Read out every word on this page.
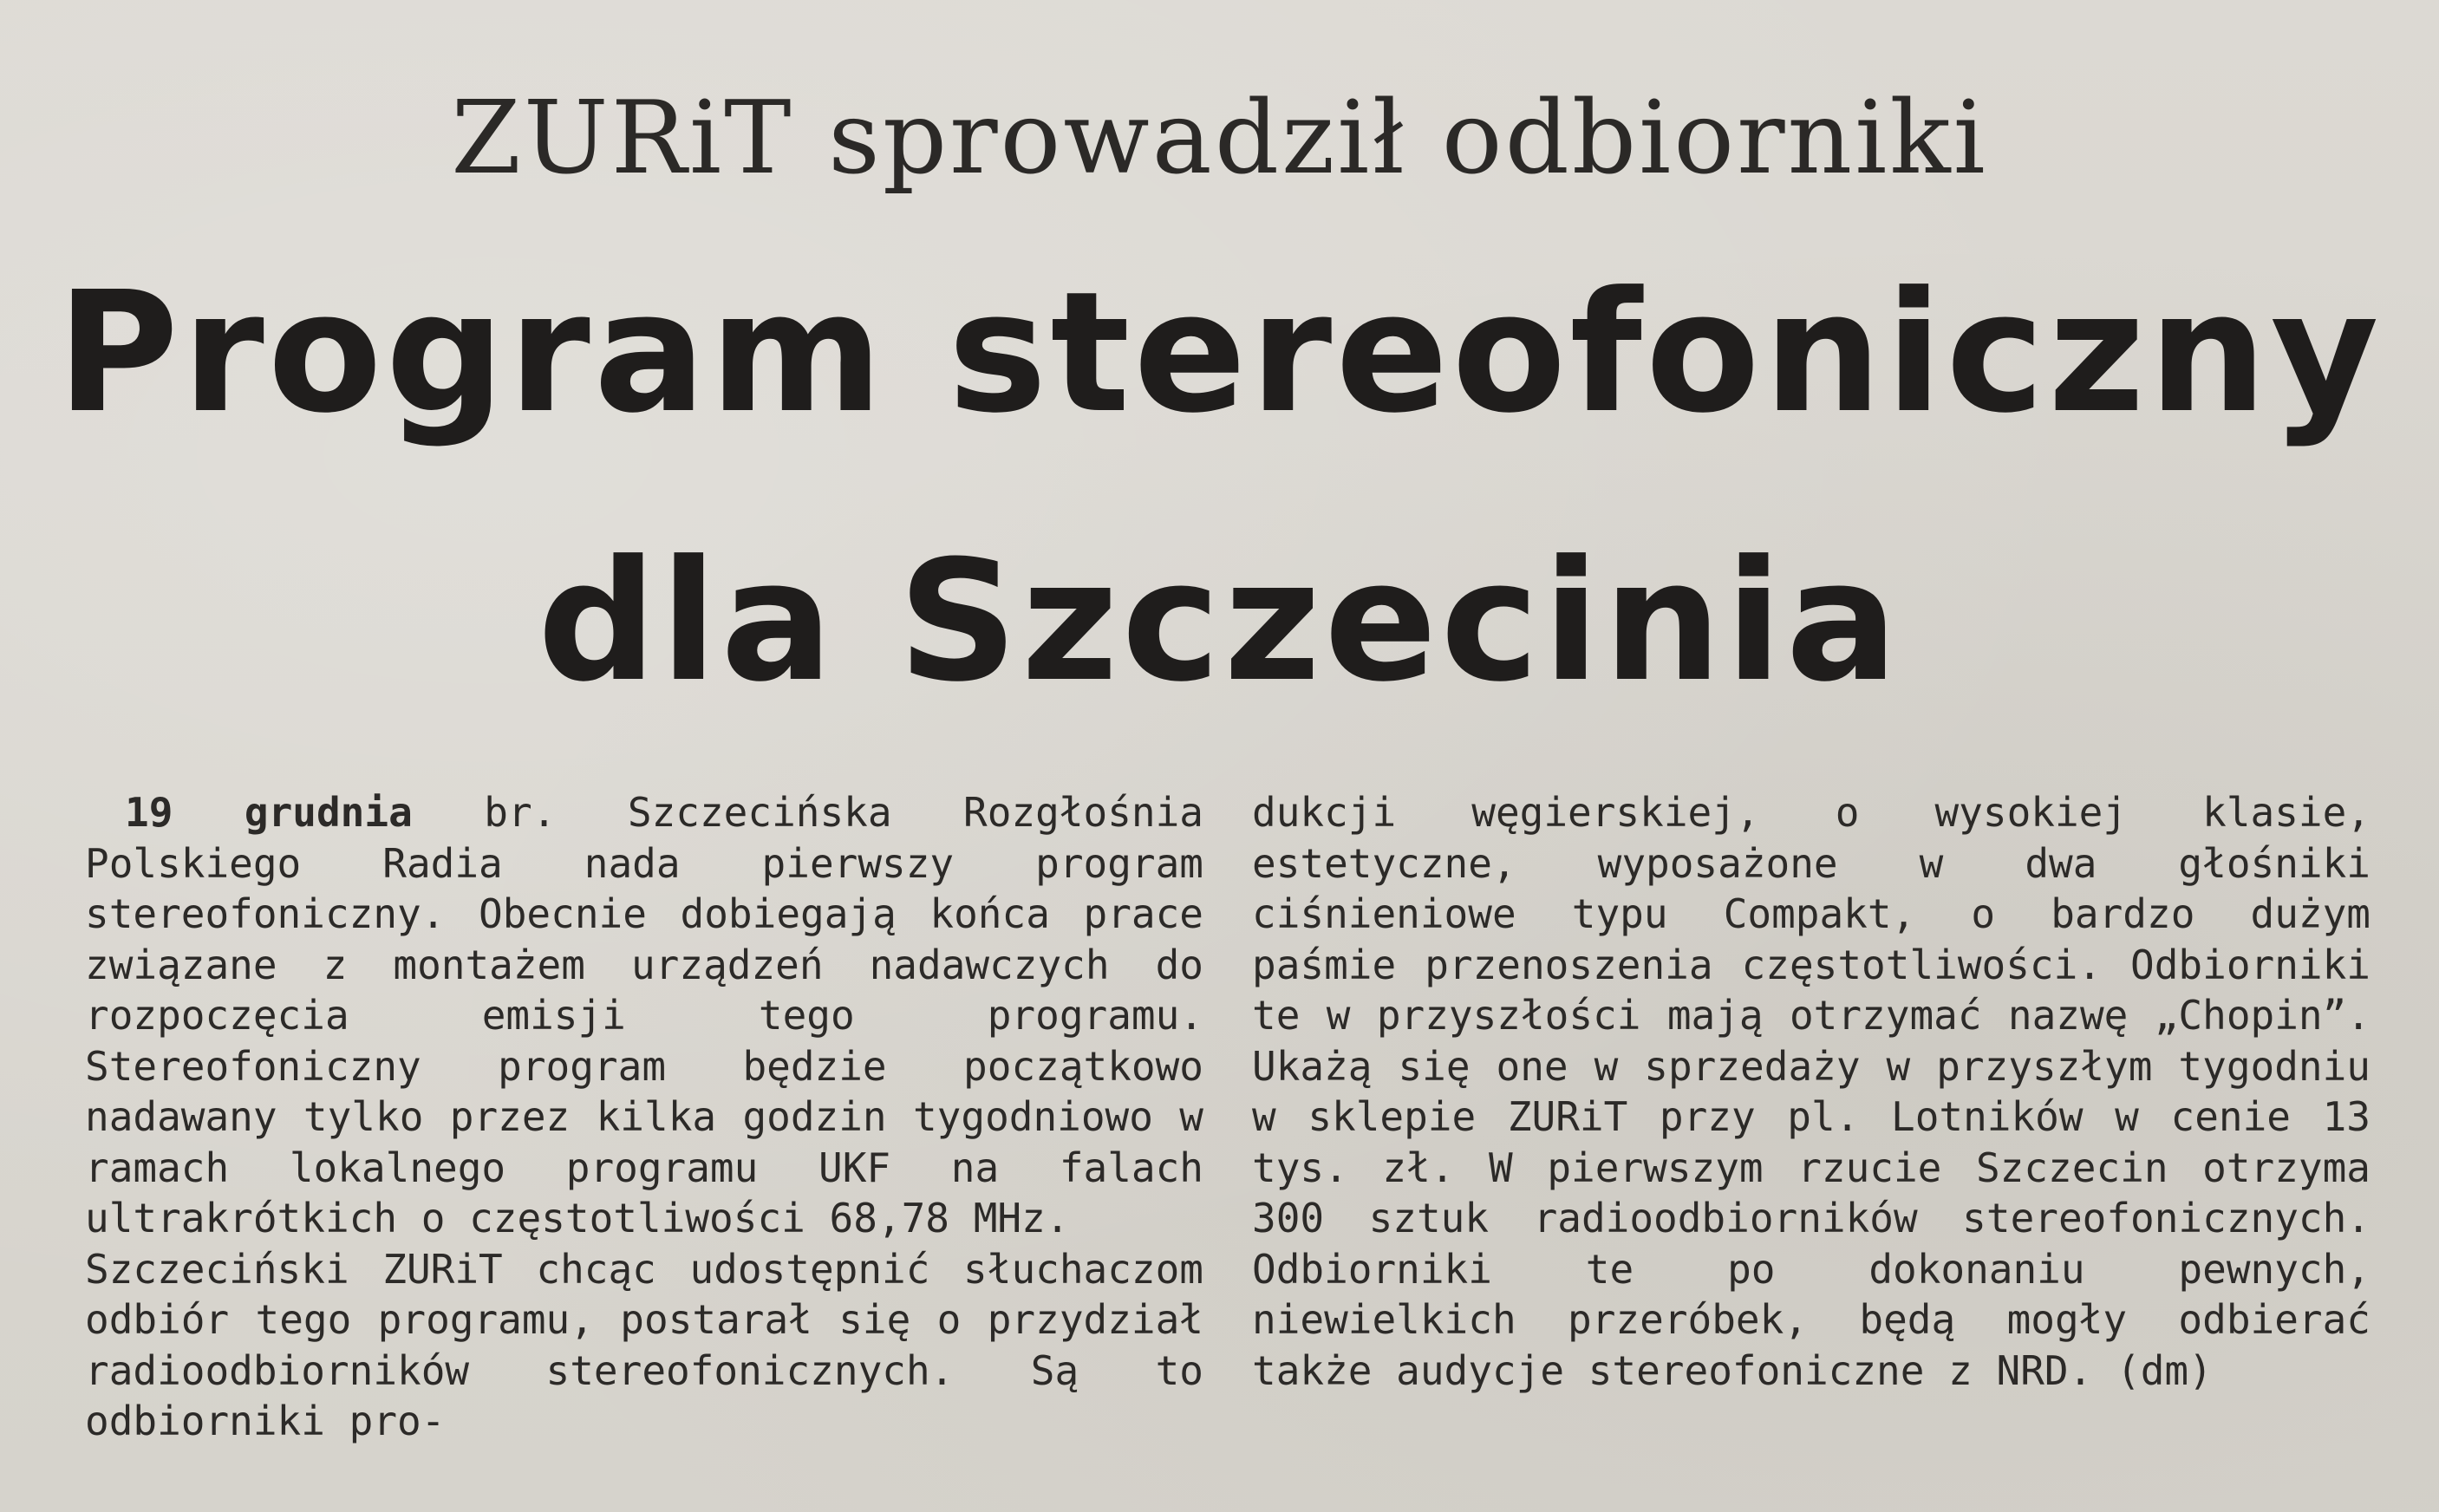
ZURiT sprowadził odbiorniki
Program stereofoniczny
dla Szczecinia

19 grudnia br. Szczecińska Rozgłośnia Polskiego Radia nada pierwszy program stereofoniczny. Obecnie dobiegają końca prace związane z montażem urządzeń nadawczych do rozpoczęcia emisji tego programu. Stereofoniczny program będzie początkowo nadawany tylko przez kilka godzin tygodniowo w ramach lokalnego programu UKF na falach ultrakrótkich o częstotliwości 68,78 MHz.

Szczeciński ZURiT chcąc udostępnić słuchaczom odbiór tego programu, postarał się o przydział radioodbiorników stereofonicznych. Są to odbiorniki pro-

dukcji węgierskiej, o wysokiej klasie, estetyczne, wyposażone w dwa głośniki ciśnieniowe typu Compakt, o bardzo dużym paśmie przenoszenia częstotliwości. Odbiorniki te w przyszłości mają otrzymać nazwę „Chopin”. Ukażą się one w sprzedaży w przyszłym tygodniu w sklepie ZURiT przy pl. Lotników w cenie 13 tys. zł. W pierwszym rzucie Szczecin otrzyma 300 sztuk radioodbiorników stereofonicznych. Odbiorniki te po dokonaniu pewnych, niewielkich przeróbek, będą mogły odbierać także audycje stereofoniczne z NRD. (dm)
